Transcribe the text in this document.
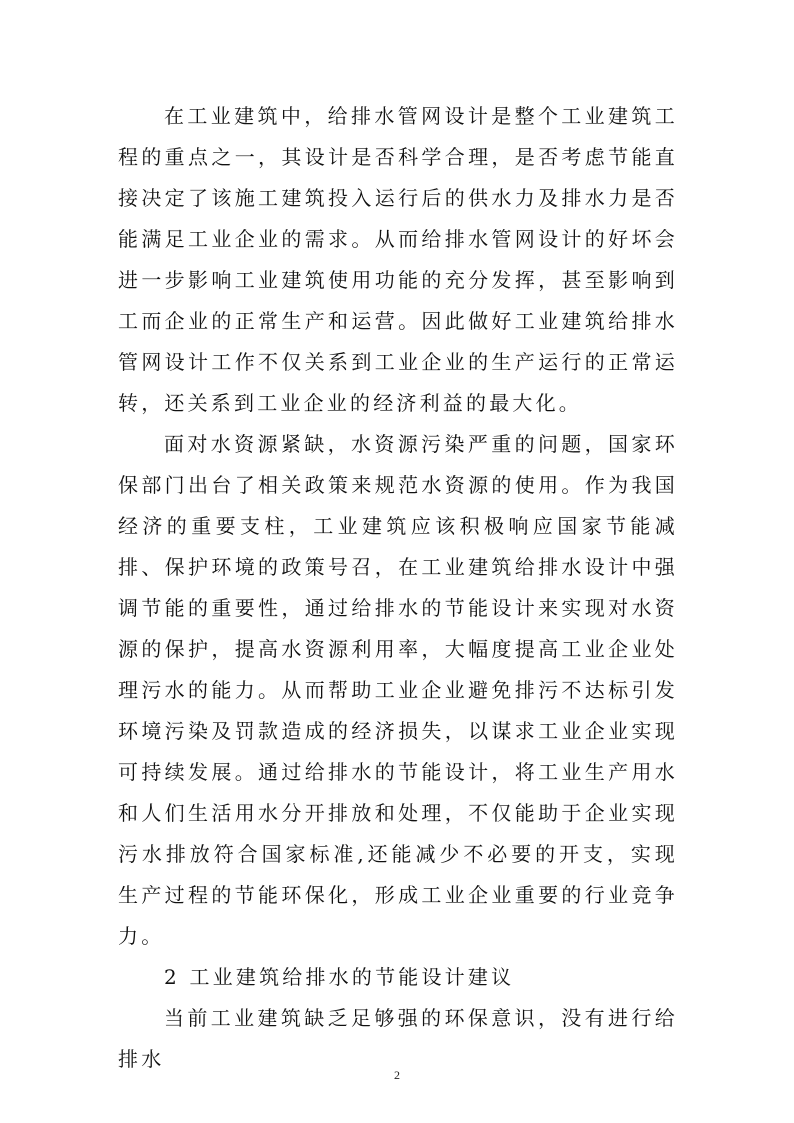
在工业建筑中，给排水管网设计是整个工业建筑工程的重点之一，其设计是否科学合理，是否考虑节能直接决定了该施工建筑投入运行后的供水力及排水力是否能满足工业企业的需求。从而给排水管网设计的好坏会进一步影响工业建筑使用功能的充分发挥，甚至影响到工而企业的正常生产和运营。因此做好工业建筑给排水管网设计工作不仅关系到工业企业的生产运行的正常运转，还关系到工业企业的经济利益的最大化。

面对水资源紧缺，水资源污染严重的问题，国家环保部门出台了相关政策来规范水资源的使用。作为我国经济的重要支柱，工业建筑应该积极响应国家节能减排、保护环境的政策号召，在工业建筑给排水设计中强调节能的重要性，通过给排水的节能设计来实现对水资源的保护，提高水资源利用率，大幅度提高工业企业处理污水的能力。从而帮助工业企业避免排污不达标引发环境污染及罚款造成的经济损失，以谋求工业企业实现可持续发展。通过给排水的节能设计，将工业生产用水和人们生活用水分开排放和处理，不仅能助于企业实现污水排放符合国家标准,还能减少不必要的开支，实现生产过程的节能环保化，形成工业企业重要的行业竞争力。

2 工业建筑给排水的节能设计建议

当前工业建筑缺乏足够强的环保意识，没有进行给排水

2
